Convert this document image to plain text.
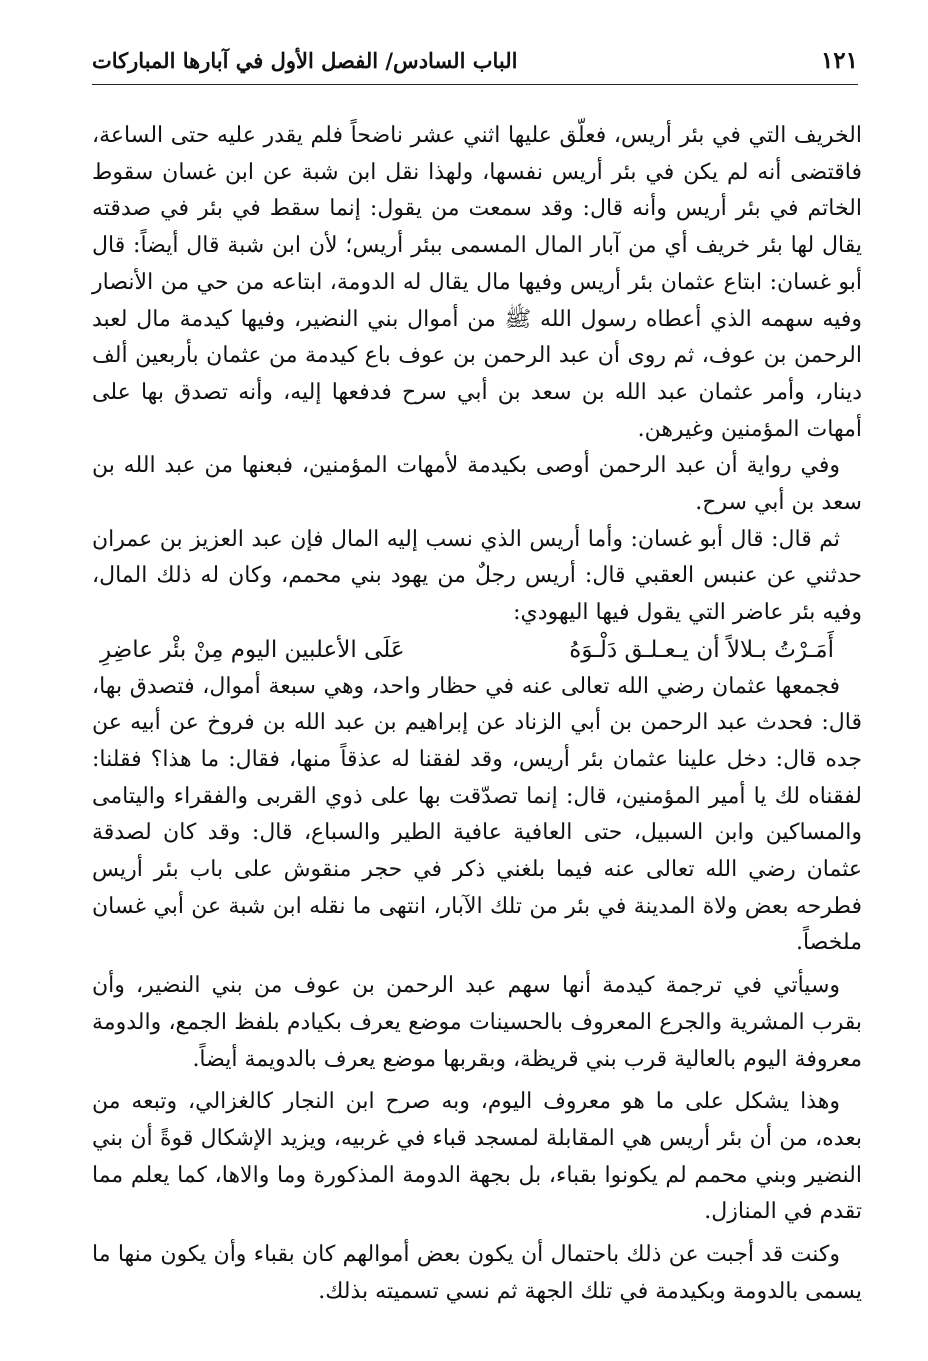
الباب السادس/ الفصل الأول في آبارها المباركات	١٢١

الخريف التي في بئر أريس، فعلّق عليها اثني عشر ناضحاً فلم يقدر عليه حتى الساعة، فاقتضى أنه لم يكن في بئر أريس نفسها، ولهذا نقل ابن شبة عن ابن غسان سقوط الخاتم في بئر أريس وأنه قال: وقد سمعت من يقول: إنما سقط في بئر في صدقته يقال لها بئر خريف أي من آبار المال المسمى ببئر أريس؛ لأن ابن شبة قال أيضاً: قال أبو غسان: ابتاع عثمان بئر أريس وفيها مال يقال له الدومة، ابتاعه من حي من الأنصار وفيه سهمه الذي أعطاه رسول الله ﷺ من أموال بني النضير، وفيها كيدمة مال لعبد الرحمن بن عوف، ثم روى أن عبد الرحمن بن عوف باع كيدمة من عثمان بأربعين ألف دينار، وأمر عثمان عبد الله بن سعد بن أبي سرح فدفعها إليه، وأنه تصدق بها على أمهات المؤمنين وغيرهن.

وفي رواية أن عبد الرحمن أوصى بكيدمة لأمهات المؤمنين، فبعنها من عبد الله بن سعد بن أبي سرح.

ثم قال: قال أبو غسان: وأما أريس الذي نسب إليه المال فإن عبد العزيز بن عمران حدثني عن عنبس العقبي قال: أريس رجلٌ من يهود بني محمم، وكان له ذلك المال، وفيه بئر عاضر التي يقول فيها اليهودي:

أَمَـرْتُ بـلالاً أن يـعـلـق دَلْـوَهُ
عَلَى الأعلبين اليوم مِنْ بئْر عاضِرِ

فجمعها عثمان رضي الله تعالى عنه في حظار واحد، وهي سبعة أموال، فتصدق بها، قال: فحدث عبد الرحمن بن أبي الزناد عن إبراهيم بن عبد الله بن فروخ عن أبيه عن جده قال: دخل علينا عثمان بئر أريس، وقد لفقنا له عذقاً منها، فقال: ما هذا؟ فقلنا: لفقناه لك يا أمير المؤمنين، قال: إنما تصدّقت بها على ذوي القربى والفقراء واليتامى والمساكين وابن السبيل، حتى العافية عافية الطير والسباع، قال: وقد كان لصدقة عثمان رضي الله تعالى عنه فيما بلغني ذكر في حجر منقوش على باب بئر أريس فطرحه بعض ولاة المدينة في بئر من تلك الآبار، انتهى ما نقله ابن شبة عن أبي غسان ملخصاً.

وسيأتي في ترجمة كيدمة أنها سهم عبد الرحمن بن عوف من بني النضير، وأن بقرب المشرية والجرع المعروف بالحسينات موضع يعرف بكيادم بلفظ الجمع، والدومة معروفة اليوم بالعالية قرب بني قريظة، وبقربها موضع يعرف بالدويمة أيضاً.

وهذا يشكل على ما هو معروف اليوم، وبه صرح ابن النجار كالغزالي، وتبعه من بعده، من أن بئر أريس هي المقابلة لمسجد قباء في غربيه، ويزيد الإشكال قوةً أن بني النضير وبني محمم لم يكونوا بقباء، بل بجهة الدومة المذكورة وما والاها، كما يعلم مما تقدم في المنازل.

وكنت قد أجبت عن ذلك باحتمال أن يكون بعض أموالهم كان بقباء وأن يكون منها ما يسمى بالدومة وبكيدمة في تلك الجهة ثم نسي تسميته بذلك.
